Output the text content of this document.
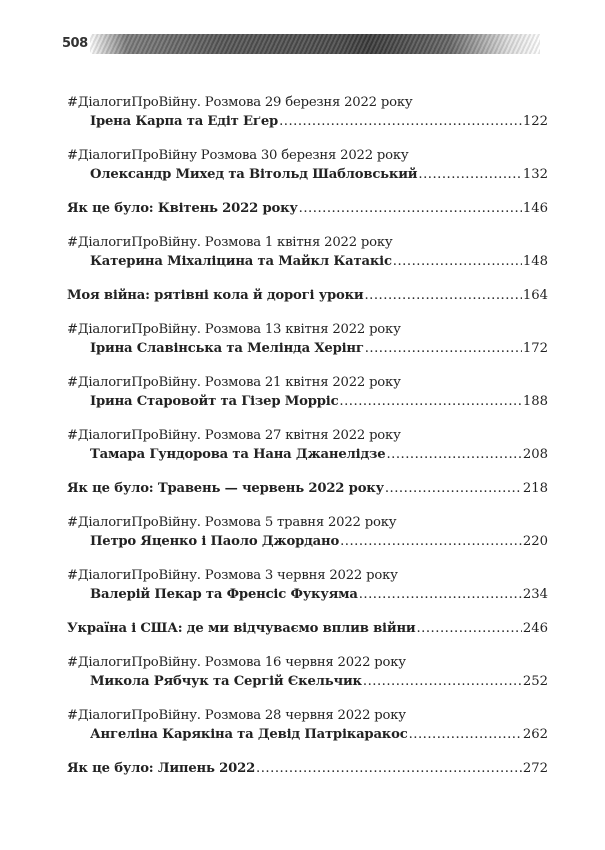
508
#ДіалогиПроВійну. Розмова 29 березня 2022 року
Ірена Карпа та Едіт Еґер .....	122
#ДіалогиПроВійну Розмова 30 березня 2022 року
Олександр Михед та Вітольд Шабловський .....	132
Як це було: Квітень 2022 року .....	146
#ДіалогиПроВійну. Розмова 1 квітня 2022 року
Катерина Міхаліцина та Майкл Катакіс .....	148
Моя війна: рятівні кола й дорогі уроки .....	164
#ДіалогиПроВійну. Розмова 13 квітня 2022 року
Ірина Славінська та Мелінда Херінг .....	172
#ДіалогиПроВійну. Розмова 21 квітня 2022 року
Ірина Старовойт та Гізер Морріс .....	188
#ДіалогиПроВійну. Розмова 27 квітня 2022 року
Тамара Гундорова та Нана Джанелідзе .....	208
Як це було: Травень — червень 2022 року .....	218
#ДіалогиПроВійну. Розмова 5 травня 2022 року
Петро Яценко і Паоло Джордано .....	220
#ДіалогиПроВійну. Розмова 3 червня 2022 року
Валерій Пекар та Френсіс Фукуяма .....	234
Україна і США: де ми відчуваємо вплив війни .....	246
#ДіалогиПроВійну. Розмова 16 червня 2022 року
Микола Рябчук та Сергій Єкельчик .....	252
#ДіалогиПроВійну. Розмова 28 червня 2022 року
Ангеліна Карякіна та Девід Патрікаракос .....	262
Як це було: Липень 2022 .....	272
